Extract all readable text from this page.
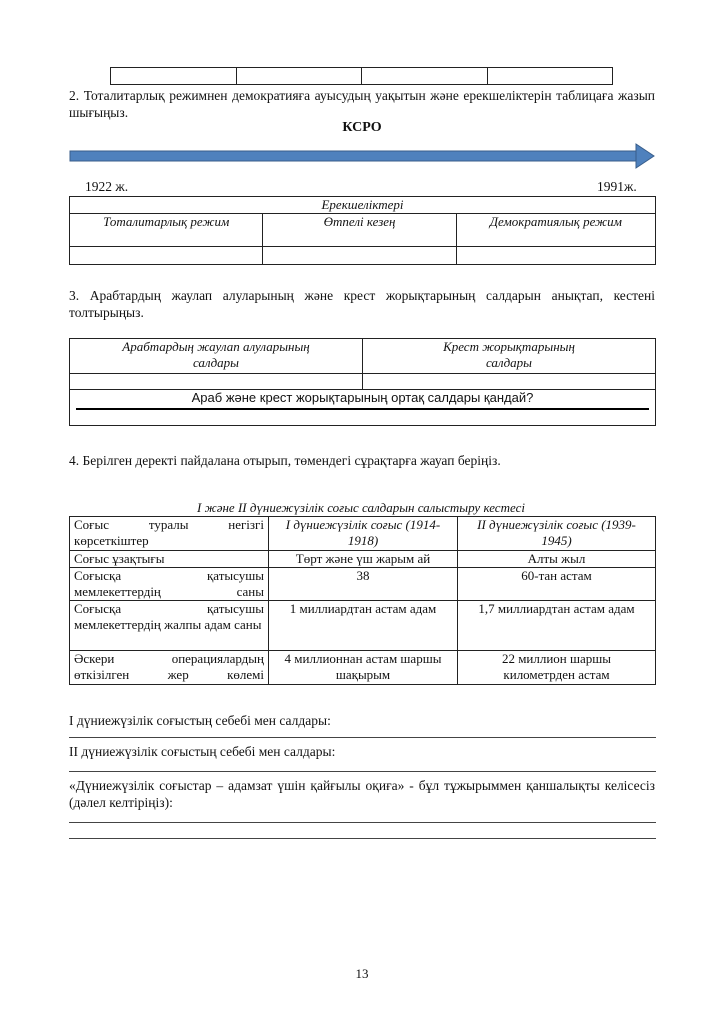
2. Тоталитарлық режимнен демократияға ауысудың уақытын және ерекшеліктерін таблицаға жазып шығыңыз.
КСРО
1922 ж.	1991ж.
Ерекшеліктері		
Тоталитарлық режим	Өтпелі кезең	Демократиялық режим

3. Арабтардың жаулап алуларының және крест жорықтарының салдарын анықтап, кестені толтырыңыз.
Арабтардың жаулап алуларының салдары	Крест жорықтарының салдары

Араб және крест жорықтарының ортақ салдары қандай?	
4. Берілген деректі пайдалана отырып, төмендегі сұрақтарға жауап беріңіз.
I және II дүниежүзілік соғыс салдарын салыстыру кестесі
Соғыс туралы негізгі көрсеткіштер	I дүниежүзілік соғыс (1914-1918)	II дүниежүзілік соғыс (1939-1945)
Соғыс ұзақтығы	Төрт және үш жарым ай	Алты жыл
Соғысқа қатысушы мемлекеттердің саны	38	60-тан астам
Соғысқа қатысушы мемлекеттердің жалпы адам саны	1 миллиардтан астам адам	1,7 миллиардтан астам адам
Әскери операциялардың өткізілген жер көлемі	4 миллионнан астам шаршы шақырым	22 миллион шаршы километрден астам
I дүниежүзілік соғыстың себебі мен салдары:
II дүниежүзілік соғыстың себебі мен салдары:
«Дүниежүзілік соғыстар – адамзат үшін қайғылы оқиға» - бұл тұжырыммен қаншалықты келісесіз (дәлел келтіріңіз):
13
